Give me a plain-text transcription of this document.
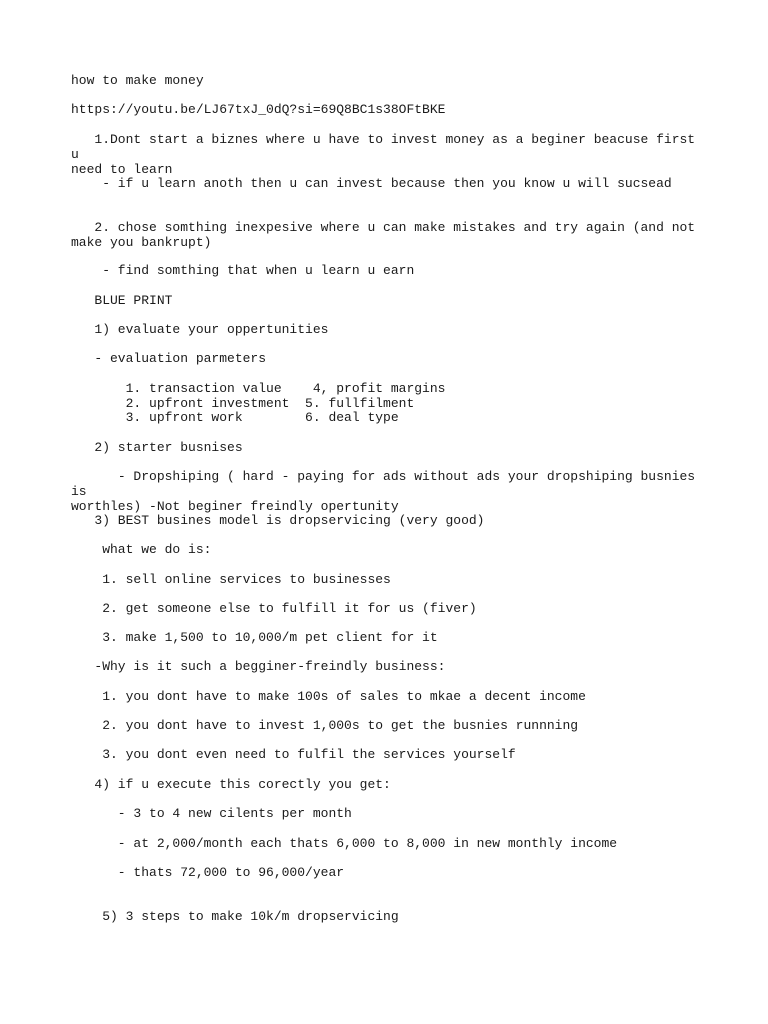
how to make money
https://youtu.be/LJ67txJ_0dQ?si=69Q8BC1s38OFtBKE
1.Dont start a biznes where u have to invest money as a beginer beacuse first u
need to learn
- if u learn anoth then u can invest because then you know u will sucsead
2. chose somthing inexpesive where u can make mistakes and try again (and not
make you bankrupt)
- find somthing that when u learn u earn
BLUE PRINT
1) evaluate your oppertunities
- evaluation parmeters
1. transaction value    4, profit margins
2. upfront investment  5. fullfilment
3. upfront work        6. deal type
2) starter busnises
- Dropshiping ( hard - paying for ads without ads your dropshiping busnies is
worthles) -Not beginer freindly opertunity
3) BEST busines model is dropservicing (very good)
what we do is:
1. sell online services to businesses
2. get someone else to fulfill it for us (fiver)
3. make 1,500 to 10,000/m pet client for it
-Why is it such a begginer-freindly business:
1. you dont have to make 100s of sales to mkae a decent income
2. you dont have to invest 1,000s to get the busnies runnning
3. you dont even need to fulfil the services yourself
4) if u execute this corectly you get:
- 3 to 4 new cilents per month
- at 2,000/month each thats 6,000 to 8,000 in new monthly income
- thats 72,000 to 96,000/year
5) 3 steps to make 10k/m dropservicing
